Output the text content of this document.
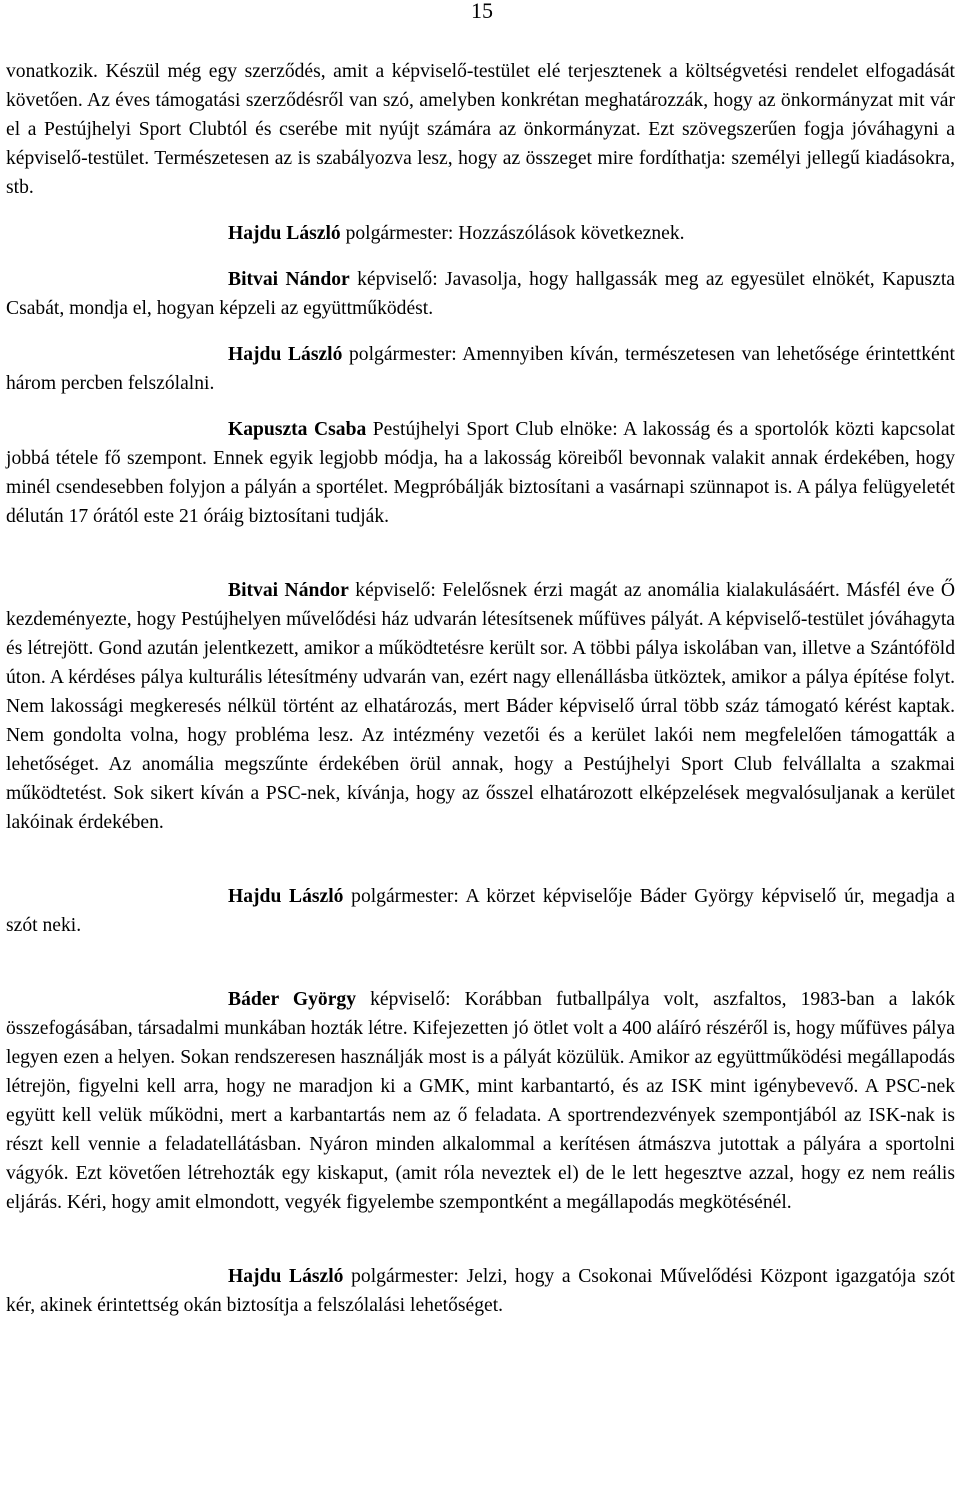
15

vonatkozik. Készül még egy szerződés, amit a képviselő-testület elé terjesztenek a költségvetési rendelet elfogadását követően. Az éves támogatási szerződésről van szó, amelyben konkrétan meghatározzák, hogy az önkormányzat mit vár el a Pestújhelyi Sport Clubtól és cserébe mit nyújt számára az önkormányzat. Ezt szövegszerűen fogja jóváhagyni a képviselő-testület. Természetesen az is szabályozva lesz, hogy az összeget mire fordíthatja: személyi jellegű kiadásokra, stb.

Hajdu László polgármester: Hozzászólások következnek.

Bitvai Nándor képviselő: Javasolja, hogy hallgassák meg az egyesület elnökét, Kapuszta Csabát, mondja el, hogyan képzeli az együttműködést.

Hajdu László polgármester: Amennyiben kíván, természetesen van lehetősége érintettként három percben felszólalni.

Kapuszta Csaba Pestújhelyi Sport Club elnöke: A lakosság és a sportolók közti kapcsolat jobbá tétele fő szempont. Ennek egyik legjobb módja, ha a lakosság köreiből bevonnak valakit annak érdekében, hogy minél csendesebben folyjon a pályán a sportélet. Megpróbálják biztosítani a vasárnapi szünnapot is. A pálya felügyeletét délután 17 órától este 21 óráig biztosítani tudják.

Bitvai Nándor képviselő: Felelősnek érzi magát az anomália kialakulásáért. Másfél éve Ő kezdeményezte, hogy Pestújhelyen művelődési ház udvarán létesítsenek műfüves pályát. A képviselő-testület jóváhagyta és létrejött. Gond azután jelentkezett, amikor a működtetésre került sor. A többi pálya iskolában van, illetve a Szántóföld úton. A kérdéses pálya kulturális létesítmény udvarán van, ezért nagy ellenállásba ütköztek, amikor a pálya építése folyt. Nem lakossági megkeresés nélkül történt az elhatározás, mert Báder képviselő úrral több száz támogató kérést kaptak. Nem gondolta volna, hogy probléma lesz. Az intézmény vezetői és a kerület lakói nem megfelelően támogatták a lehetőséget. Az anomália megszűnte érdekében örül annak, hogy a Pestújhelyi Sport Club felvállalta a szakmai működtetést. Sok sikert kíván a PSC-nek, kívánja, hogy az ősszel elhatározott elképzelések megvalósuljanak a kerület lakóinak érdekében.

Hajdu László polgármester: A körzet képviselője Báder György képviselő úr, megadja a szót neki.

Báder György képviselő: Korábban futballpálya volt, aszfaltos, 1983-ban a lakók összefogásában, társadalmi munkában hozták létre. Kifejezetten jó ötlet volt a 400 aláíró részéről is, hogy műfüves pálya legyen ezen a helyen. Sokan rendszeresen használják most is a pályát közülük. Amikor az együttműködési megállapodás létrejön, figyelni kell arra, hogy ne maradjon ki a GMK, mint karbantartó, és az ISK mint igénybevevő. A PSC-nek együtt kell velük működni, mert a karbantartás nem az ő feladata. A sportrendezvények szempontjából az ISK-nak is részt kell vennie a feladatellátásban. Nyáron minden alkalommal a kerítésen átmászva jutottak a pályára a sportolni vágyók. Ezt követően létrehozták egy kiskaput, (amit róla neveztek el) de le lett hegesztve azzal, hogy ez nem reális eljárás. Kéri, hogy amit elmondott, vegyék figyelembe szempontként a megállapodás megkötésénél.

Hajdu László polgármester: Jelzi, hogy a Csokonai Művelődési Központ igazgatója szót kér, akinek érintettség okán biztosítja a felszólalási lehetőséget.
